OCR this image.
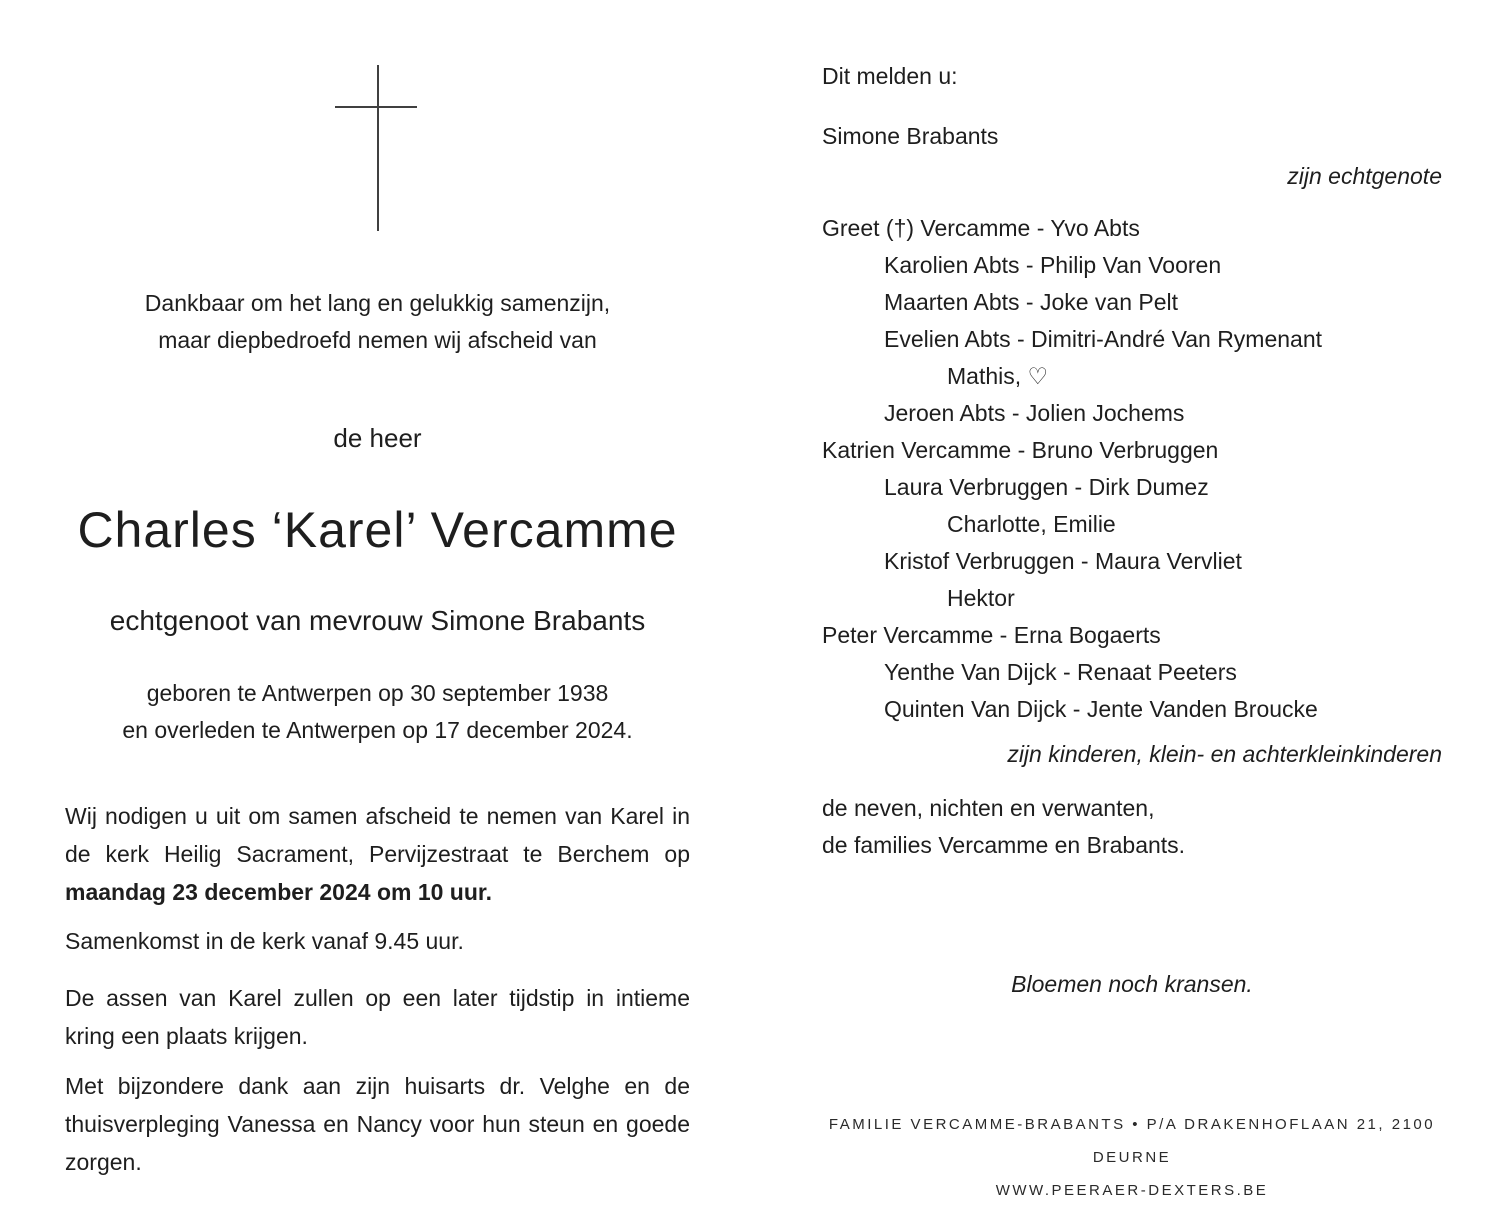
Dankbaar om het lang en gelukkig samenzijn,
maar diepbedroefd nemen wij afscheid van
de heer
Charles ‘Karel’ Vercamme
echtgenoot van mevrouw Simone Brabants
geboren te Antwerpen op 30 september 1938
en overleden te Antwerpen op 17 december 2024.
Wij nodigen u uit om samen afscheid te nemen van Karel in de kerk Heilig Sacrament, Pervijzestraat te Berchem op maandag 23 december 2024 om 10 uur.
Samenkomst in de kerk vanaf 9.45 uur.
De assen van Karel zullen op een later tijdstip in intieme kring een plaats krijgen.
Met bijzondere dank aan zijn huisarts dr. Velghe en de thuisverpleging Vanessa en Nancy voor hun steun en goede zorgen.
Dit melden u:
Simone Brabants
zijn echtgenote
Greet (†) Vercamme - Yvo Abts
Karolien Abts - Philip Van Vooren
Maarten Abts - Joke van Pelt
Evelien Abts - Dimitri-André Van Rymenant
Mathis, ♡
Jeroen Abts - Jolien Jochems
Katrien Vercamme - Bruno Verbruggen
Laura Verbruggen - Dirk Dumez
Charlotte, Emilie
Kristof Verbruggen - Maura Vervliet
Hektor
Peter Vercamme - Erna Bogaerts
Yenthe Van Dijck - Renaat Peeters
Quinten Van Dijck - Jente Vanden Broucke
zijn kinderen, klein- en achterkleinkinderen
de neven, nichten en verwanten,
de families Vercamme en Brabants.
Bloemen noch kransen.
FAMILIE VERCAMME-BRABANTS • P/A DRAKENHOFLAAN 21, 2100 DEURNE
WWW.PEERAER-DEXTERS.BE
